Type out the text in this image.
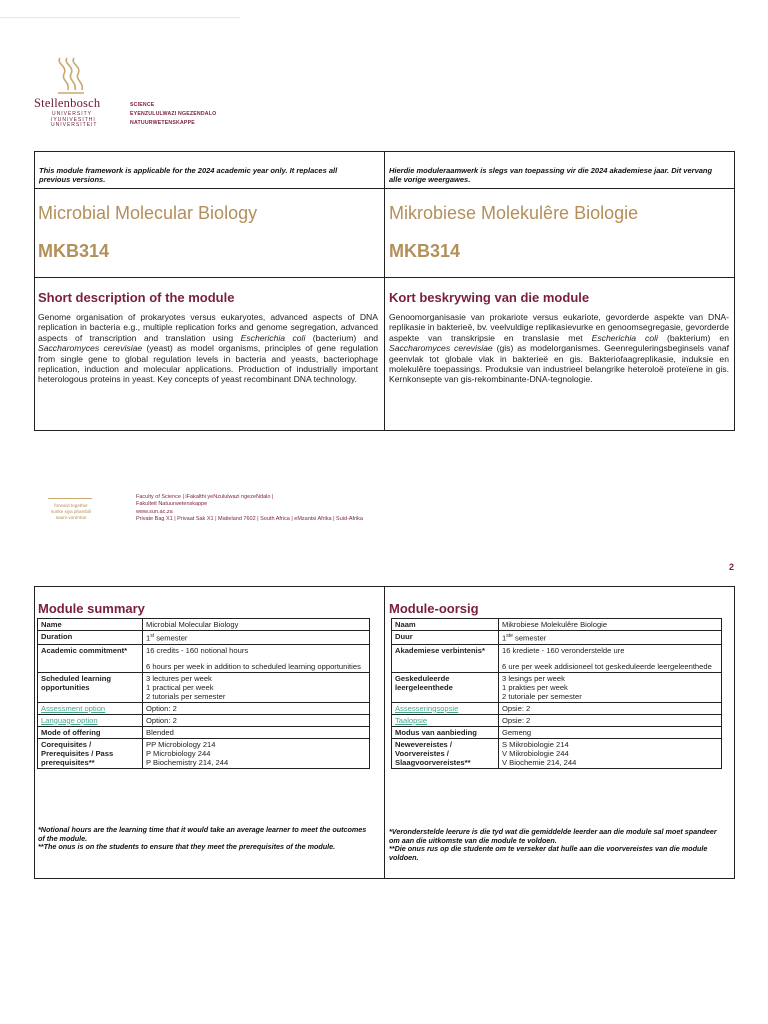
Stellenbosch
UNIVERSITY
IYUNIVESITHI
UNIVERSITEIT
SCIENCE
EYENZULULWAZI NGEZENDALO
NATUURWETENSKAPPE
This module framework is applicable for the 2024 academic year only. It replaces all previous versions.
Hierdie moduleraamwerk is slegs van toepassing vir die 2024 akademiese jaar. Dit vervang alle vorige weergawes.
Microbial Molecular Biology	Mikrobiese Molekulêre Biologie
MKB314	MKB314
Short description of the module	Kort beskrywing van die module
Genome organisation of prokaryotes versus eukaryotes, advanced aspects of DNA replication in bacteria e.g., multiple replication forks and genome segregation, advanced aspects of transcription and translation using Escherichia coli (bacterium) and Saccharomyces cerevisiae (yeast) as model organisms, principles of gene regulation from single gene to global regulation levels in bacteria and yeasts, bacteriophage replication, induction and molecular applications. Production of industrially important heterologous proteins in yeast. Key concepts of yeast recombinant DNA technology.
Genoomorganisasie van prokariote versus eukariote, gevorderde aspekte van DNA-replikasie in bakterieë, bv. veelvuldige replikasievurke en genoomsegregasie, gevorderde aspekte van transkripsie en translasie met Escherichia coli (bakterium) en Saccharomyces cerevisiae (gis) as modelorganismes. Geenreguleringsbeginsels vanaf geenvlak tot globale vlak in bakterieë en gis. Bakteriofaagreplikasie, induksie en molekulêre toepassings. Produksie van industrieel belangrike heteroloë proteïene in gis. Kernkonsepte van gis-rekombinante-DNA-tegnologie.
forward together
sonke siya phambili
saam vorentoe
Faculty of Science | iFakalthi yeNzululwazi ngezeNdalo |
Fakulteit Natuurwetenskappe
www.sun.ac.za
Private Bag X1 | Privaat Sak X1 | Matieland 7602 | South Africa | eMzantsi Afrika | Suid-Afrika
2
Module summary	Module-oorsig
Name	Microbial Molecular Biology

Duration	1st semester

Academic commitment*	16 credits - 160 notional hours
6 hours per week in addition to scheduled learning opportunities

Scheduled learning opportunities	3 lectures per week
1 practical per week
2 tutorials per semester

Assessment option	Option: 2

Language option	Option: 2

Mode of offering	Blended

Corequisites / Prerequisites / Pass prerequisites**	PP Microbiology 214
P Microbiology 244
P Biochemistry 214, 244
Naam	Mikrobiese Molekulêre Biologie

Duur	1ste semester

Akademiese verbintenis*	16 krediete - 160 veronderstelde ure
6 ure per week addisioneel tot geskeduleerde leergeleenthede

Geskeduleerde leergeleenthede	3 lesings per week
1 prakties per week
2 tutoriale per semester

Assesseringsopsie	Opsie: 2

Taalopsie	Opsie: 2

Modus van aanbieding	Gemeng

Newevereistes / Voorvereistes / Slaagvoorvereistes**	S Mikrobiologie 214
V Mikrobiologie 244
V Biochemie 214, 244
*Notional hours are the learning time that it would take an average learner to meet the outcomes of the module.
**The onus is on the students to ensure that they meet the prerequisites of the module.
*Veronderstelde leerure is die tyd wat die gemiddelde leerder aan die module sal moet spandeer om aan die uitkomste van die module te voldoen.
**Die onus rus op die studente om te verseker dat hulle aan die voorvereistes van die module voldoen.
